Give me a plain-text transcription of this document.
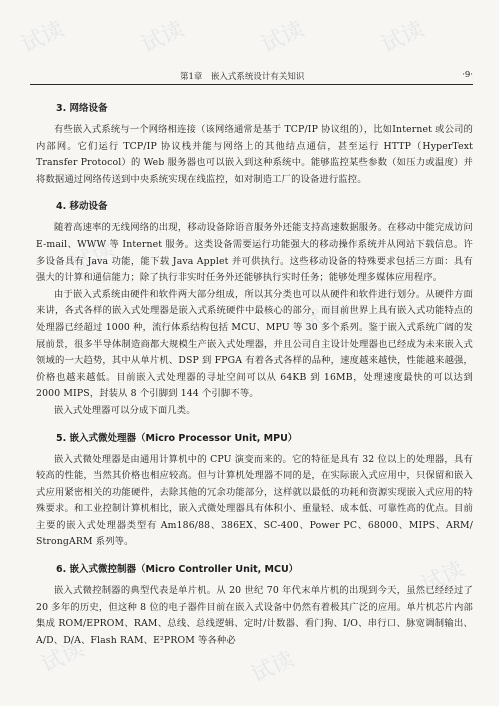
第1章　嵌入式系统设计有关知识	·9·
3. 网络设备

有些嵌入式系统与一个网络相连接（该网络通常是基于 TCP/IP 协议组的），比如Internet 或公司的内部网。它们运行 TCP/IP 协议栈并能与网络上的其他结点通信，甚至运行 HTTP（HyperText Transfer Protocol）的 Web 服务器也可以嵌入到这种系统中。能够监控某些参数（如压力或温度）并将数据通过网络传送到中央系统实现在线监控，如对制造工厂的设备进行监控。

4. 移动设备

随着高速率的无线网络的出现，移动设备除语音服务外还能支持高速数据服务。在移动中能完成访问 E-mail、WWW 等 Internet 服务。这类设备需要运行功能强大的移动操作系统并从网站下载信息。许多设备具有 Java 功能，能下载 Java Applet 并可供执行。这些移动设备的特殊要求包括三方面：具有强大的计算和通信能力；除了执行非实时任务外还能够执行实时任务；能够处理多媒体应用程序。

由于嵌入式系统由硬件和软件两大部分组成，所以其分类也可以从硬件和软件进行划分。从硬件方面来讲，各式各样的嵌入式处理器是嵌入式系统硬件中最核心的部分，而目前世界上具有嵌入式功能特点的处理器已经超过 1000 种，流行体系结构包括 MCU、MPU 等 30 多个系列。鉴于嵌入式系统广阔的发展前景，很多半导体制造商都大规模生产嵌入式处理器，并且公司自主设计处理器也已经成为未来嵌入式领域的一大趋势，其中从单片机、DSP 到 FPGA 有着各式各样的品种，速度越来越快，性能越来越强，价格也越来越低。目前嵌入式处理器的寻址空间可以从 64KB 到 16MB，处理速度最快的可以达到 2000 MIPS，封装从 8 个引脚到 144 个引脚不等。

嵌入式处理器可以分成下面几类。

5. 嵌入式微处理器（Micro Processor Unit, MPU）

嵌入式微处理器是由通用计算机中的 CPU 演变而来的。它的特征是具有 32 位以上的处理器，具有较高的性能，当然其价格也相应较高。但与计算机处理器不同的是，在实际嵌入式应用中，只保留和嵌入式应用紧密相关的功能硬件，去除其他的冗余功能部分，这样就以最低的功耗和资源实现嵌入式应用的特殊要求。和工业控制计算机相比，嵌入式微处理器具有体积小、重量轻、成本低、可靠性高的优点。目前主要的嵌入式处理器类型有 Am186/88、386EX、SC-400、Power PC、68000、MIPS、ARM/ StrongARM 系列等。

6. 嵌入式微控制器（Micro Controller Unit, MCU）

嵌入式微控制器的典型代表是单片机。从 20 世纪 70 年代末单片机的出现到今天，虽然已经经过了 20 多年的历史，但这种 8 位的电子器件目前在嵌入式设备中仍然有着极其广泛的应用。单片机芯片内部集成 ROM/EPROM、RAM、总线、总线逻辑、定时/计数器、看门狗、I/O、串行口、脉宽调制输出、A/D、D/A、Flash RAM、E²PROM 等各种必

试读	试读	试读	试读
试读
试读
试读
试读	试读
